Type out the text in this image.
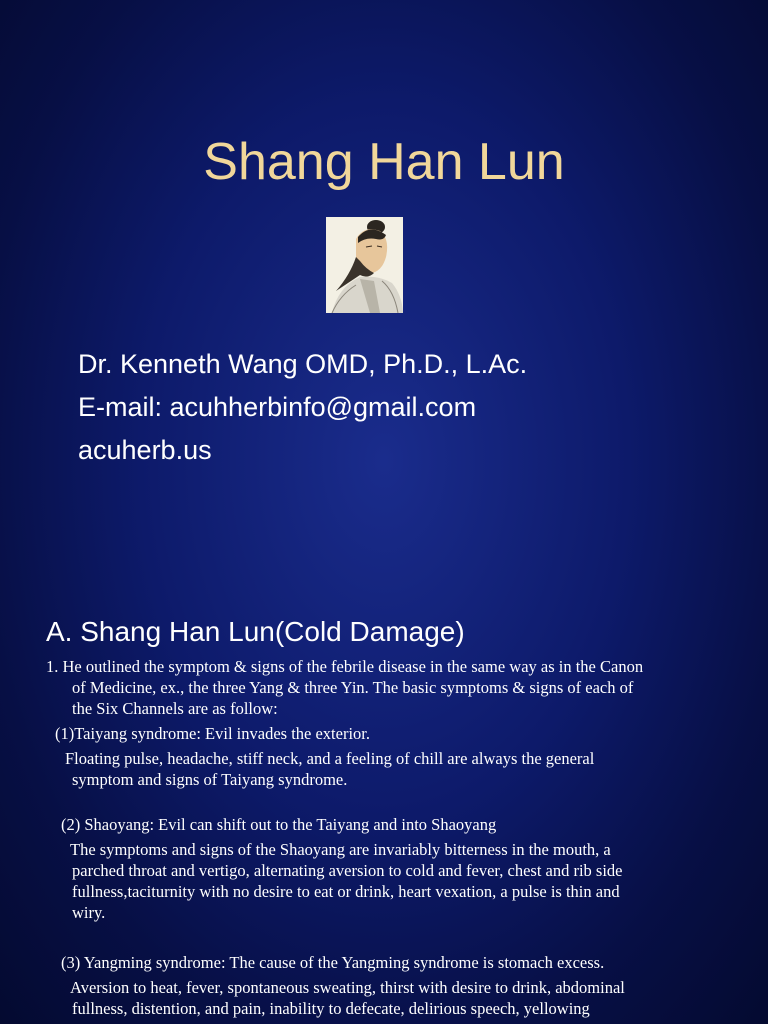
Shang Han Lun
Dr. Kenneth Wang OMD, Ph.D., L.Ac.
E-mail: acuhherbinfo@gmail.com
acuherb.us
A. Shang Han Lun(Cold Damage)
1. He outlined the symptom & signs of the febrile disease in the same way as in the Canon
of Medicine, ex., the three Yang & three Yin. The basic symptoms & signs of each of
the Six Channels are as follow:
(1)Taiyang syndrome: Evil invades the exterior.
Floating pulse, headache, stiff neck, and a feeling of chill are always the general
symptom and signs of Taiyang syndrome.
(2) Shaoyang: Evil can shift out to the Taiyang and into Shaoyang
The symptoms and signs of the Shaoyang are invariably bitterness in the mouth, a
parched throat and vertigo, alternating aversion to cold and fever, chest and rib side
fullness,taciturnity with no desire to eat or drink, heart vexation, a pulse is thin and
wiry.
(3) Yangming syndrome: The cause of the Yangming syndrome is stomach excess.
Aversion to heat, fever, spontaneous sweating, thirst with desire to drink, abdominal
fullness, distention, and pain, inability to defecate, delirious speech, yellowing
